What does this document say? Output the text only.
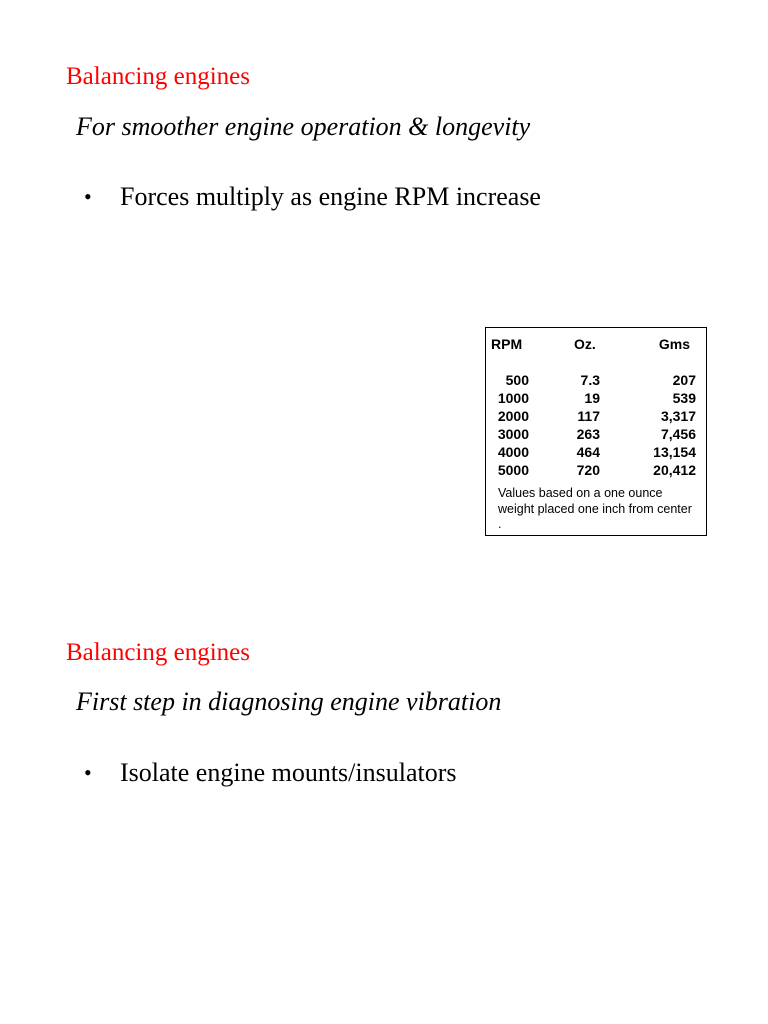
Balancing engines
For smoother engine operation & longevity
• Forces multiply as engine RPM increase
RPM	Oz.	Gms
500	7.3	207
1000	19	539
2000	117	3,317
3000	263	7,456
4000	464	13,154
5000	720	20,412
Values based on a one ounce weight placed one inch from center .
Balancing engines
First step in diagnosing engine vibration
• Isolate engine mounts/insulators
